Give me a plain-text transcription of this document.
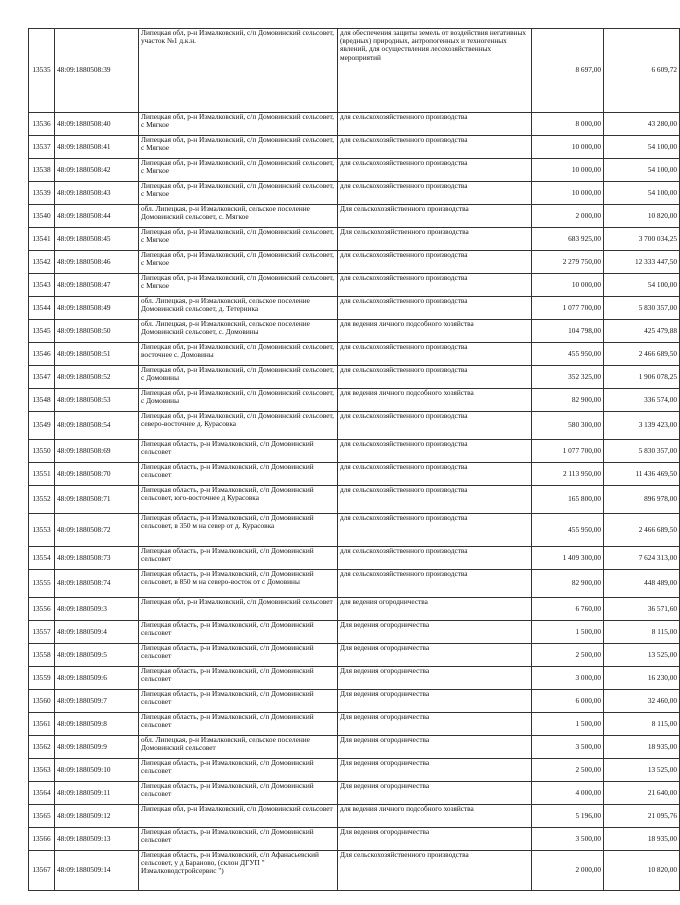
13535	48:09:1880508:39	Липецкая обл, р-н Измалковский, с/п Домовинский сельсовет, участок №1 д.к.н.	для обеспечения защиты земель от воздействия негативных (вредных) природных, антропогенных и техногенных явлений, для осуществления лесохозяйственных мероприятий	8 697,00	6 609,72
13536	48:09:1880508:40	Липецкая обл, р-н Измалковский, с/п Домовинский сельсовет, с Мягкое	для сельскохозяйственного производства	8 000,00	43 280,00
13537	48:09:1880508:41	Липецкая обл, р-н Измалковский, с/п Домовинский сельсовет, с Мягкое	для сельскохозяйственного производства	10 000,00	54 100,00
13538	48:09:1880508:42	Липецкая обл, р-н Измалковский, с/п Домовинский сельсовет, с Мягкое	для сельскохозяйственного производства	10 000,00	54 100,00
13539	48:09:1880508:43	Липецкая обл, р-н Измалковский, с/п Домовинский сельсовет, с Мягкое	для сельскохозяйственного производства	10 000,00	54 100,00
13540	48:09:1880508:44	обл. Липецкая, р-н Измалковский, сельское поселение Домовинский сельсовет, с. Мягкое	Для сельскохозяйственного производства	2 000,00	10 820,00
13541	48:09:1880508:45	Липецкая обл, р-н Измалковский, с/п Домовинский сельсовет, с Мягкое	Для сельскохозяйственного производства	683 925,00	3 700 034,25
13542	48:09:1880508:46	Липецкая обл, р-н Измалковский, с/п Домовинский сельсовет, с Мягкое	для сельскохозяйственного производства	2 279 750,00	12 333 447,50
13543	48:09:1880508:47	Липецкая обл, р-н Измалковский, с/п Домовинский сельсовет, с Мягкое	для сельскохозяйственного производства	10 000,00	54 100,00
13544	48:09:1880508:49	обл. Липецкая, р-н Измалковский, сельское поселение Домовинский сельсовет, д. Тетерника	для сельскохозяйственного производства	1 077 700,00	5 830 357,00
13545	48:09:1880508:50	обл. Липецкая, р-н Измалковский, сельское поселение Домовинский сельсовет, с. Домовины	для ведения личного подсобного хозяйства	104 798,00	425 479,88
13546	48:09:1880508:51	Липецкая обл, р-н Измалковский, с/п Домовинский сельсовет, восточнее с. Домовины	для сельскохозяйственного производства	455 950,00	2 466 689,50
13547	48:09:1880508:52	Липецкая обл, р-н Измалковский, с/п Домовинский сельсовет, с Домовины	для сельскохозяйственного производства	352 325,00	1 906 078,25
13548	48:09:1880508:53	Липецкая обл, р-н Измалковский, с/п Домовинский сельсовет, с Домовины	для ведения личного подсобного хозяйства	82 900,00	336 574,00
13549	48:09:1880508:54	Липецкая обл, р-н Измалковский, с/п Домовинский сельсовет, северо-восточнее д. Курасовка	для сельскохозяйственного производства	580 300,00	3 139 423,00
13550	48:09:1880508:69	Липецкая область, р-н Измалковский, с/п Домовинский сельсовет	для сельскохозяйственного производства	1 077 700,00	5 830 357,00
13551	48:09:1880508:70	Липецкая область, р-н Измалковский, с/п Домовинский сельсовет	для сельскохозяйственного производства	2 113 950,00	11 436 469,50
13552	48:09:1880508:71	Липецкая область, р-н Измалковский, с/п Домовинский сельсовет, юго-восточнее д Курасовка	для сельскохозяйственного производства	165 800,00	896 978,00
13553	48:09:1880508:72	Липецкая область, р-н Измалковский, с/п Домовинский сельсовет, в 350 м на север от д. Курасовка	для сельскохозяйственного производства	455 950,00	2 466 689,50
13554	48:09:1880508:73	Липецкая область, р-н Измалковский, с/п Домовинский сельсовет	для сельскохозяйственного производства	1 409 300,00	7 624 313,00
13555	48:09:1880508:74	Липецкая область, р-н Измалковский, с/п Домовинский сельсовет, в 850 м на северо-восток от с Домовины	для сельскохозяйственного производства	82 900,00	448 489,00
13556	48:09:1880509:3	Липецкая обл, р-н Измалковский, с/п Домовинский сельсовет	для ведения огородничества	6 760,00	36 571,60
13557	48:09:1880509:4	Липецкая область, р-н Измалковский, с/п Домовинский сельсовет	Для ведения огородничества	1 500,00	8 115,00
13558	48:09:1880509:5	Липецкая область, р-н Измалковский, с/п Домовинский сельсовет	Для ведения огородничества	2 500,00	13 525,00
13559	48:09:1880509:6	Липецкая область, р-н Измалковский, с/п Домовинский сельсовет	Для ведения огородничества	3 000,00	16 230,00
13560	48:09:1880509:7	Липецкая область, р-н Измалковский, с/п Домовинский сельсовет	Для ведения огородничества	6 000,00	32 460,00
13561	48:09:1880509:8	Липецкая область, р-н Измалковский, с/п Домовинский сельсовет	Для ведения огородничества	1 500,00	8 115,00
13562	48:09:1880509:9	обл. Липецкая, р-н Измалковский, сельское поселение Домовинский сельсовет	Для ведения огородничества	3 500,00	18 935,00
13563	48:09:1880509:10	Липецкая область, р-н Измалковский, с/п Домовинский сельсовет	Для ведения огородничества	2 500,00	13 525,00
13564	48:09:1880509:11	Липецкая область, р-н Измалковский, с/п Домовинский сельсовет	Для ведения огородничества	4 000,00	21 640,00
13565	48:09:1880509:12	Липецкая обл, р-н Измалковский, с/п Домовинский сельсовет	для ведения личного подсобного хозяйства	5 196,00	21 095,76
13566	48:09:1880509:13	Липецкая область, р-н Измалковский, с/п Домовинский сельсовет	Для ведения огородничества	3 500,00	18 935,00
13567	48:09:1880509:14	Липецкая область, р-н Измалковский, с/п Афанасьевский сельсовет, у д Бараново, (склон ДГУП " Измалководстройсервис ")	Для сельскохозяйственного производства	2 000,00	10 820,00
